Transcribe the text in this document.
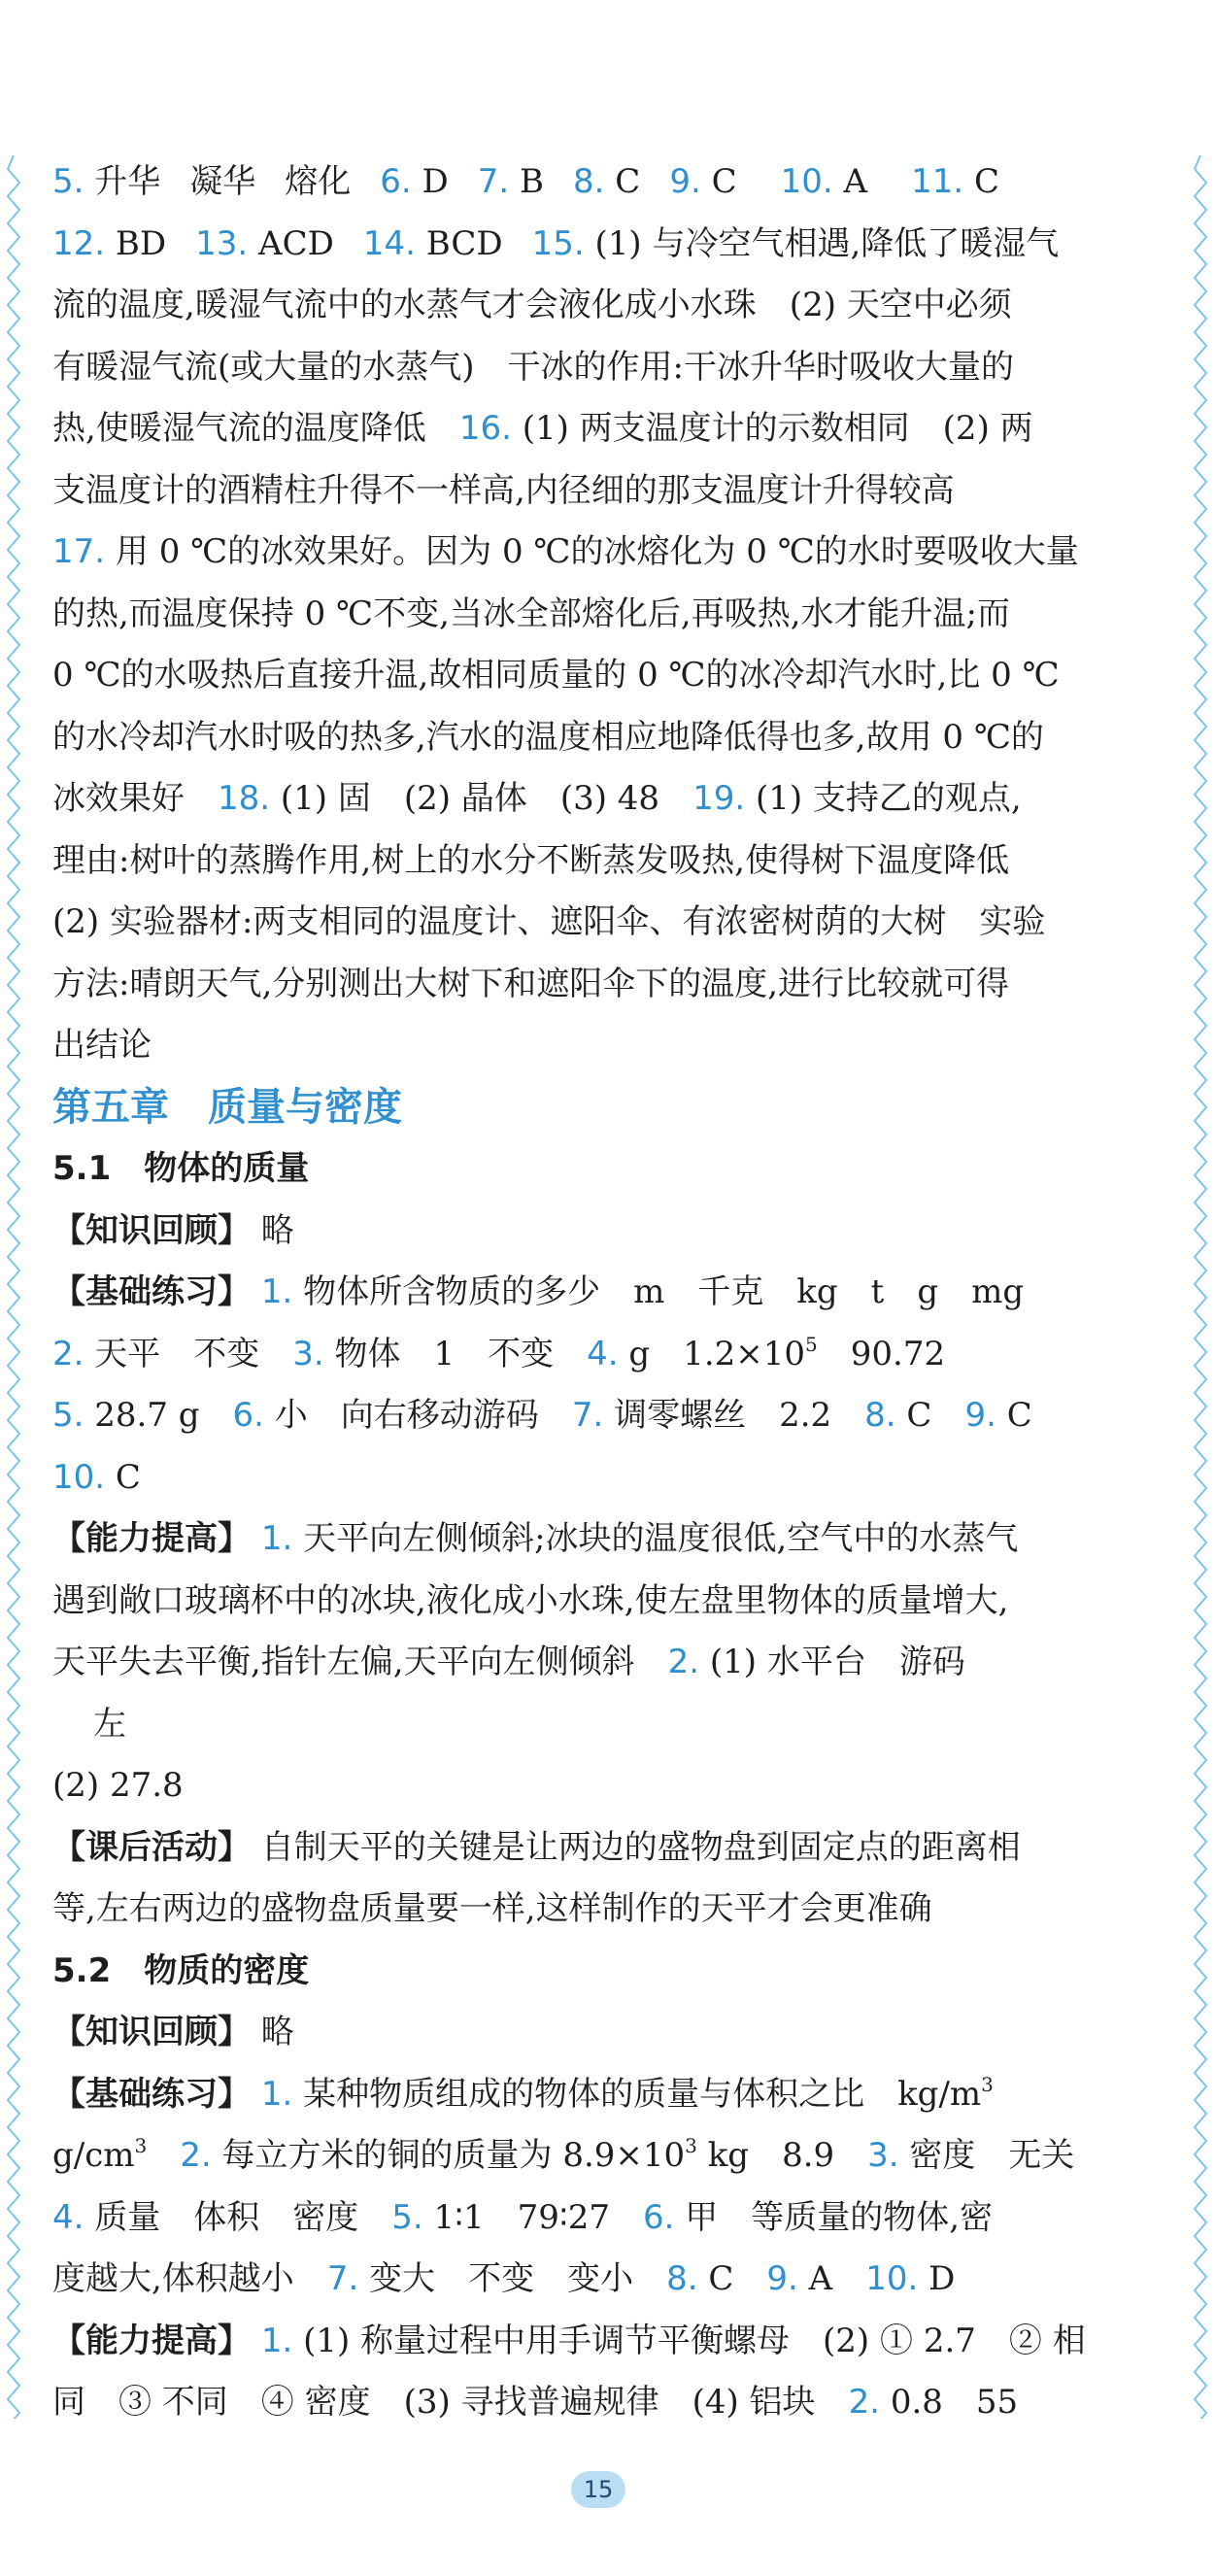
5. 升华 凝华 熔化 6. D 7. B 8. C 9. C 10. A 11. C
12. BD 13. ACD 14. BCD 15. (1) 与冷空气相遇,降低了暖湿气
流的温度,暖湿气流中的水蒸气才会液化成小水珠　(2) 天空中必须
有暖湿气流(或大量的水蒸气)　干冰的作用:干冰升华时吸收大量的
热,使暖湿气流的温度降低　16. (1) 两支温度计的示数相同　(2) 两
支温度计的酒精柱升得不一样高,内径细的那支温度计升得较高
17. 用 0 ℃的冰效果好。因为 0 ℃的冰熔化为 0 ℃的水时要吸收大量
的热,而温度保持 0 ℃不变,当冰全部熔化后,再吸热,水才能升温;而
0 ℃的水吸热后直接升温,故相同质量的 0 ℃的冰冷却汽水时,比 0 ℃
的水冷却汽水时吸的热多,汽水的温度相应地降低得也多,故用 0 ℃的
冰效果好　18. (1) 固　(2) 晶体　(3) 48　19. (1) 支持乙的观点,
理由:树叶的蒸腾作用,树上的水分不断蒸发吸热,使得树下温度降低
(2) 实验器材:两支相同的温度计、遮阳伞、有浓密树荫的大树　实验
方法:晴朗天气,分别测出大树下和遮阳伞下的温度,进行比较就可得
出结论
第五章　质量与密度
5.1　物体的质量
【知识回顾】 略
【基础练习】 1. 物体所含物质的多少　m　千克　kg　t　g　mg
2. 天平　不变　3. 物体　1　不变　4. g　$1.2\times 10^5$　90.72
5. 28.7 g　6. 小　向右移动游码　7. 调零螺丝　2.2　8. C　9. C
10. C
【能力提高】 1. 天平向左侧倾斜;冰块的温度很低,空气中的水蒸气
遇到敞口玻璃杯中的冰块,液化成小水珠,使左盘里物体的质量增大,
天平失去平衡,指针左偏,天平向左侧倾斜　2. (1) 水平台　游码
左
(2) 27.8
【课后活动】 自制天平的关键是让两边的盛物盘到固定点的距离相
等,左右两边的盛物盘质量要一样,这样制作的天平才会更准确
5.2　物质的密度
【知识回顾】 略
【基础练习】 1. 某种物质组成的物体的质量与体积之比　$kg/m^3$
$g/cm^3$　 2. 每立方米的铜的质量为 $8.9\times 10^3$ kg　8.9　3. 密度　无关
4. 质量　体积　密度　5. 1∶1　79∶27　6. 甲　等质量的物体,密
度越大,体积越小　7. 变大　不变　变小　8. C　9. A　10. D
【能力提高】 1. (1) 称量过程中用手调节平衡螺母　(2) ① 2.7　② 相
同　③ 不同　④ 密度　(3) 寻找普遍规律　(4) 铝块　2. 0.8　55
15
